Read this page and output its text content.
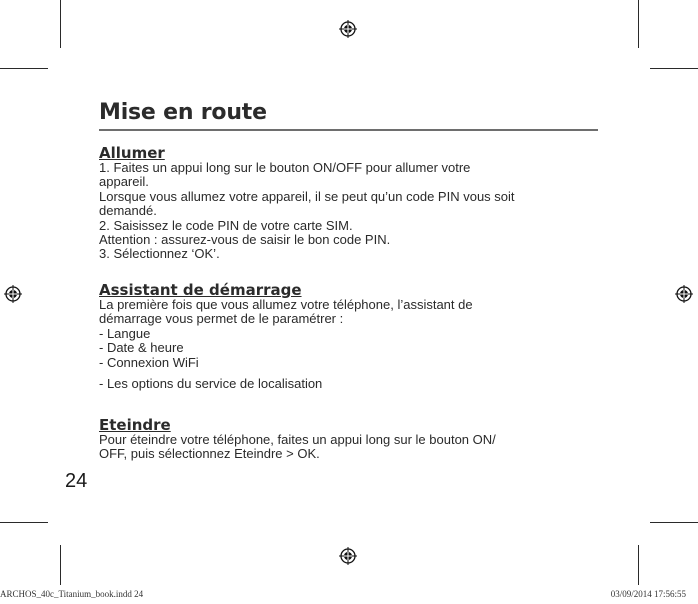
Mise en route
Allumer
1. Faites un appui long sur le bouton ON/OFF pour allumer votre
appareil.
Lorsque vous allumez votre appareil, il se peut qu’un code PIN vous soit
demandé.
2. Saisissez le code PIN de votre carte SIM.
Attention : assurez-vous de saisir le bon code PIN.
3. Sélectionnez ‘OK’.
Assistant de démarrage
La première fois que vous allumez votre téléphone, l’assistant de
démarrage vous permet de le paramétrer :
- Langue
- Date & heure
- Connexion WiFi
- Les options du service de localisation
Eteindre
Pour éteindre votre téléphone, faites un appui long sur le bouton ON/
OFF, puis sélectionnez Eteindre > OK.
24
ARCHOS_40c_Titanium_book.indd 24	03/09/2014 17:56:55
